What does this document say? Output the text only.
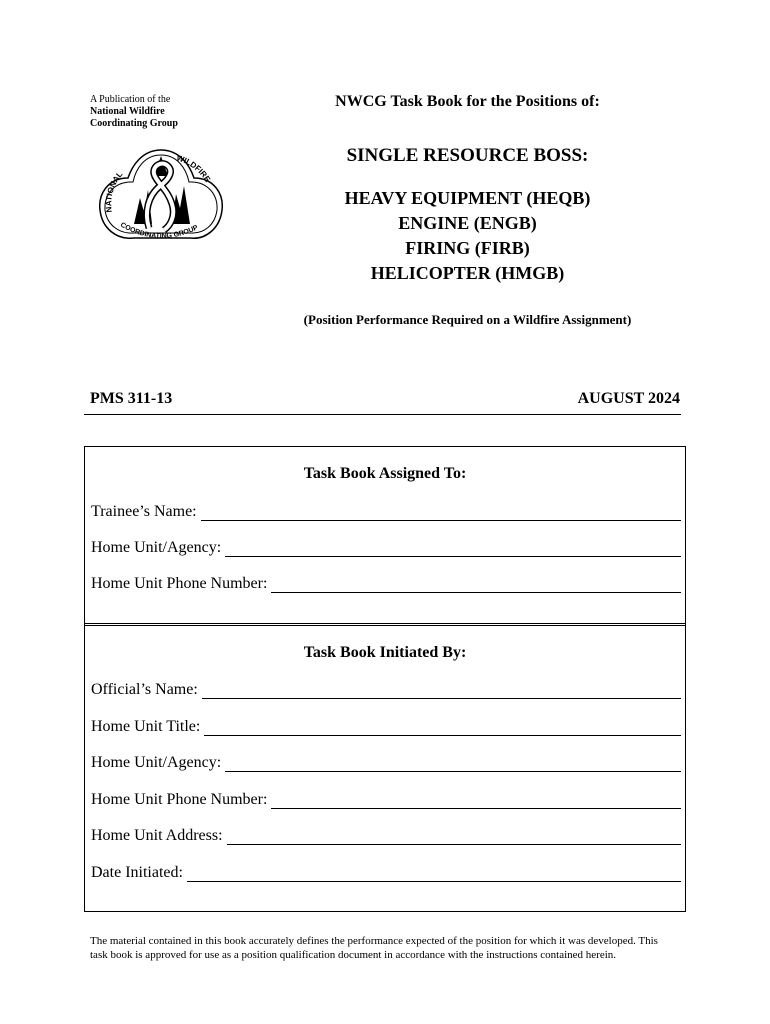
A Publication of the
National Wildfire
Coordinating Group
NATIONAL
WILDFIRE
COORDINATING GROUP
NWCG Task Book for the Positions of:
SINGLE RESOURCE BOSS:
HEAVY EQUIPMENT (HEQB)
ENGINE (ENGB)
FIRING (FIRB)
HELICOPTER (HMGB)
(Position Performance Required on a Wildfire Assignment)
PMS 311-13	AUGUST 2024
Task Book Assigned To:
Trainee’s Name:
Home Unit/Agency:
Home Unit Phone Number:
Task Book Initiated By:
Official’s Name:
Home Unit Title:
Home Unit/Agency:
Home Unit Phone Number:
Home Unit Address:
Date Initiated:
The material contained in this book accurately defines the performance expected of the position for which it was developed. This task book is approved for use as a position qualification document in accordance with the instructions contained herein.
